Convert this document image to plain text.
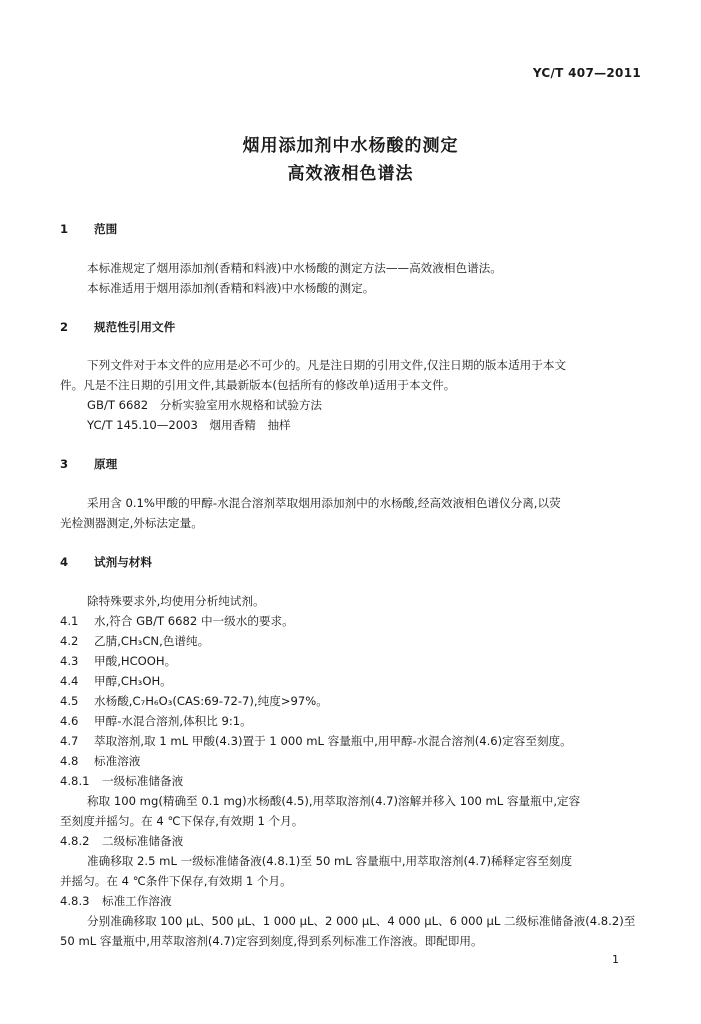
YC/T 407—2011
烟用添加剂中水杨酸的测定
高效液相色谱法
1 范围
本标准规定了烟用添加剂(香精和料液)中水杨酸的测定方法——高效液相色谱法。
本标准适用于烟用添加剂(香精和料液)中水杨酸的测定。
2 规范性引用文件
下列文件对于本文件的应用是必不可少的。凡是注日期的引用文件,仅注日期的版本适用于本文
件。凡是不注日期的引用文件,其最新版本(包括所有的修改单)适用于本文件。
GB/T 6682　分析实验室用水规格和试验方法
YC/T 145.10—2003　烟用香精　抽样
3 原理
采用含 0.1%甲酸的甲醇-水混合溶剂萃取烟用添加剂中的水杨酸,经高效液相色谱仪分离,以荧
光检测器测定,外标法定量。
4 试剂与材料
除特殊要求外,均使用分析纯试剂。
4.1 水,符合 GB/T 6682 中一级水的要求。
4.2 乙腈,CH₃CN,色谱纯。
4.3 甲酸,HCOOH。
4.4 甲醇,CH₃OH。
4.5 水杨酸,C₇H₆O₃(CAS:69-72-7),纯度>97%。
4.6 甲醇-水混合溶剂,体积比 9:1。
4.7 萃取溶剂,取 1 mL 甲酸(4.3)置于 1 000 mL 容量瓶中,用甲醇-水混合溶剂(4.6)定容至刻度。
4.8 标准溶液
4.8.1 一级标准储备液
称取 100 mg(精确至 0.1 mg)水杨酸(4.5),用萃取溶剂(4.7)溶解并移入 100 mL 容量瓶中,定容
至刻度并摇匀。在 4 ℃下保存,有效期 1 个月。
4.8.2 二级标准储备液
准确移取 2.5 mL 一级标准储备液(4.8.1)至 50 mL 容量瓶中,用萃取溶剂(4.7)稀释定容至刻度
并摇匀。在 4 ℃条件下保存,有效期 1 个月。
4.8.3 标准工作溶液
分别准确移取 100 μL、500 μL、1 000 μL、2 000 μL、4 000 μL、6 000 μL 二级标准储备液(4.8.2)至
50 mL 容量瓶中,用萃取溶剂(4.7)定容到刻度,得到系列标准工作溶液。即配即用。
1
